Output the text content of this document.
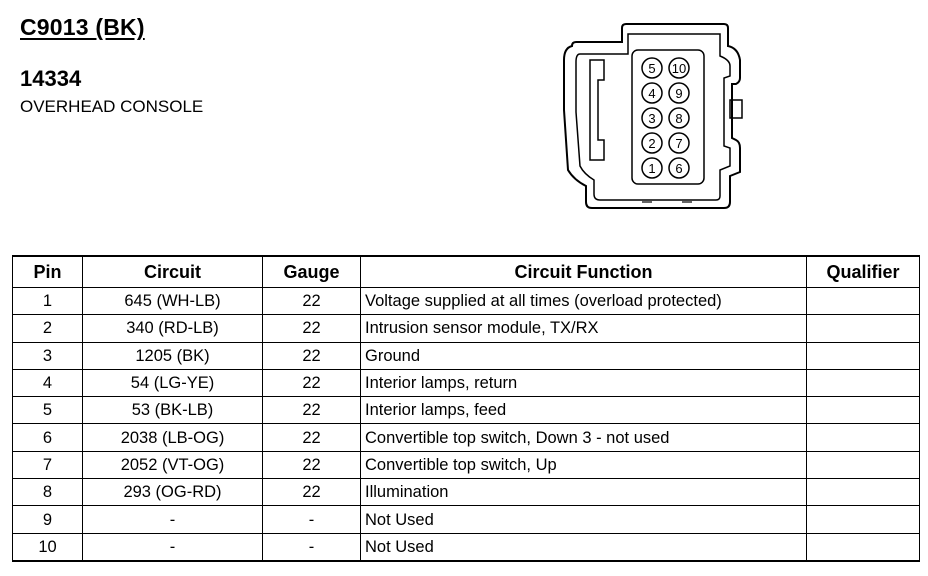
C9013 (BK)
14334
OVERHEAD CONSOLE
5
4
3
2
1
10
9
8
7
6
Pin	Circuit	Gauge	Circuit Function	Qualifier
1	645 (WH-LB)	22	Voltage supplied at all times (overload protected)	
2	340 (RD-LB)	22	Intrusion sensor module, TX/RX	
3	1205 (BK)	22	Ground	
4	54 (LG-YE)	22	Interior lamps, return	
5	53 (BK-LB)	22	Interior lamps, feed	
6	2038 (LB-OG)	22	Convertible top switch, Down 3 - not used	
7	2052 (VT-OG)	22	Convertible top switch, Up	
8	293 (OG-RD)	22	Illumination	
9	-	-	Not Used	
10	-	-	Not Used	
